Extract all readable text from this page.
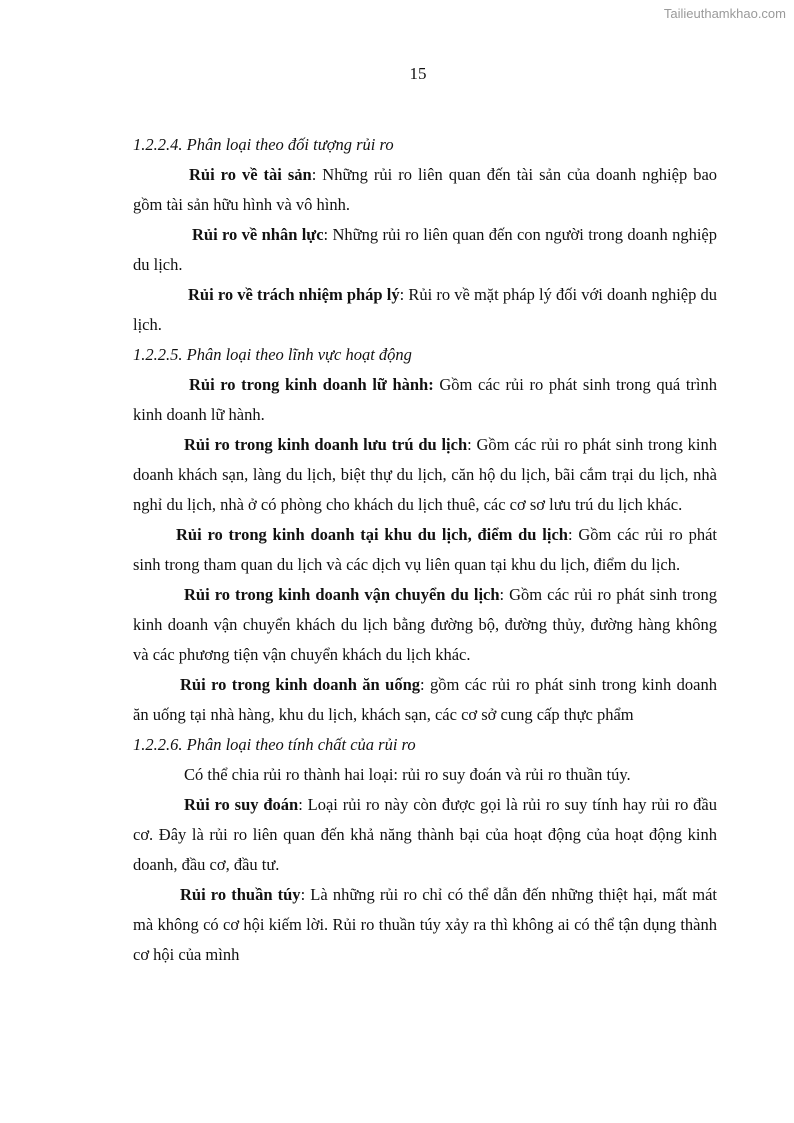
Tailieuthamkhao.com
15

1.2.2.4. Phân loại theo đối tượng rủi ro

Rủi ro về tài sản: Những rủi ro liên quan đến tài sản của doanh nghiệp bao gồm tài sản hữu hình và vô hình.

Rủi ro về nhân lực: Những rủi ro liên quan đến con người trong doanh nghiệp du lịch.

Rủi ro về trách nhiệm pháp lý: Rủi ro về mặt pháp lý đối với doanh nghiệp du lịch.

1.2.2.5. Phân loại theo lĩnh vực hoạt động

Rủi ro trong kinh doanh lữ hành: Gồm các rủi ro phát sinh trong quá trình kinh doanh lữ hành.

Rủi ro trong kinh doanh lưu trú du lịch: Gồm các rủi ro phát sinh trong kinh doanh khách sạn, làng du lịch, biệt thự du lịch, căn hộ du lịch, bãi cắm trại du lịch, nhà nghỉ du lịch, nhà ở có phòng cho khách du lịch thuê, các cơ sơ lưu trú du lịch khác.

Rủi ro trong kinh doanh tại khu du lịch, điểm du lịch: Gồm các rủi ro phát sinh trong tham quan du lịch và các dịch vụ liên quan tại khu du lịch, điểm du lịch.

Rủi ro trong kinh doanh vận chuyển du lịch: Gồm các rủi ro phát sinh trong kinh doanh vận chuyển khách du lịch bằng đường bộ, đường thủy, đường hàng không và các phương tiện vận chuyển khách du lịch khác.

Rủi ro trong kinh doanh ăn uống: gồm các rủi ro phát sinh trong kinh doanh ăn uống tại nhà hàng, khu du lịch, khách sạn, các cơ sở cung cấp thực phẩm

1.2.2.6. Phân loại theo tính chất của rủi ro

Có thể chia rủi ro thành hai loại: rủi ro suy đoán và rủi ro thuần túy.

Rủi ro suy đoán: Loại rủi ro này còn được gọi là rủi ro suy tính hay rủi ro đầu cơ. Đây là rủi ro liên quan đến khả năng thành bại của hoạt động của hoạt động kinh doanh, đầu cơ, đầu tư.

Rủi ro thuần túy: Là những rủi ro chỉ có thể dẫn đến những thiệt hại, mất mát mà không có cơ hội kiếm lời. Rủi ro thuần túy xảy ra thì không ai có thể tận dụng thành cơ hội của mình
